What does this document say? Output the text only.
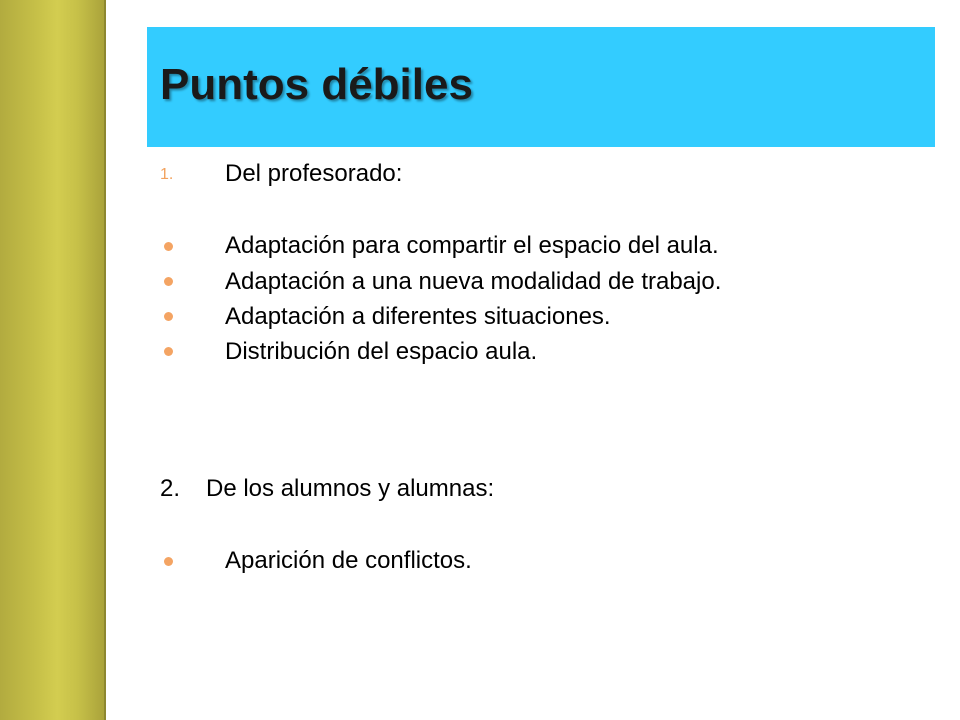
Puntos débiles
1. Del profesorado:
Adaptación para compartir el espacio del aula.
Adaptación a una nueva modalidad de trabajo.
Adaptación a diferentes situaciones.
Distribución del espacio aula.
2. De los alumnos y alumnas:
Aparición de conflictos.
